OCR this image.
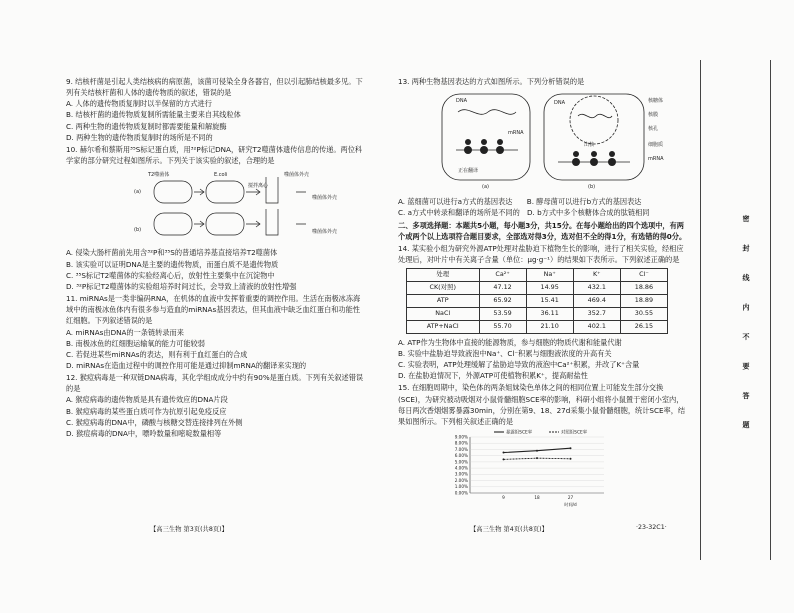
9. 结核杆菌是引起人类结核病的病原菌，该菌可侵染全身各器官，但以引起肺结核最多见。下列有关结核杆菌和人体的遗传物质的叙述，错误的是

A. 人体的遗传物质复制时以半保留的方式进行

B. 结核杆菌的遗传物质复制所需能量主要来自其线粒体

C. 两种生物的遗传物质复制时都需要能量和解旋酶

D. 两种生物的遗传物质复制时的场所是不同的

10. 赫尔希和蔡斯用³⁵S标记蛋白质，用³²P标记DNA，研究T2噬菌体遗传信息的传递。两位科学家的部分研究过程如图所示。下列关于该实验的叙述，合理的是

T2噬菌体	E.coli
搅拌离心
噬菌体外壳
(a)
(b)
噬菌体外壳
噬菌体外壳

A. 侵染大肠杆菌前先用含³²P和³⁵S的普通培养基直接培养T2噬菌体

B. 该实验可以证明DNA是主要的遗传物质，而蛋白质不是遗传物质

C. ³⁵S标记T2噬菌体的实验经离心后，放射性主要集中在沉淀物中

D. ³²P标记T2噬菌体的实验组培养时间过长，会导致上清液的放射性增强

11. miRNAs是一类非编码RNA，在机体的血液中发挥着重要的调控作用。生活在南极冰冻海域中的南极冰鱼体内有很多参与造血的miRNAs基因表达，但其血液中缺乏血红蛋白和功能性红细胞。下列叙述错误的是

A. miRNAs由DNA的一条链转录而来

B. 南极冰鱼的红细胞运输氧的能力可能较弱

C. 若促进某些miRNAs的表达，则有利于血红蛋白的合成

D. miRNAs在造血过程中的调控作用可能是通过抑制mRNA的翻译来实现的

12. 猴痘病毒是一种双链DNA病毒，其化学组成成分中约有90%是蛋白质。下列有关叙述错误的是

A. 猴痘病毒的遗传物质是具有遗传效应的DNA片段

B. 猴痘病毒的某些蛋白质可作为抗原引起免疫反应

C. 猴痘病毒的DNA中，磷酸与核糖交替连接排列在外侧

D. 猴痘病毒的DNA中，嘌呤数量和嘧啶数量相等

【高三生物 第3页(共8页)】

13. 两种生物基因表达的方式如图所示。下列分析错误的是

DNA
mRNA
核糖体
DNA
核膜
核孔
细胞质
出核
mRNA
(a)	(b)
正在翻译

A. 蓝细菌可以进行a方式的基因表达   B. 酵母菌可以进行b方式的基因表达

C. a方式中转录和翻译的场所是不同的  D. b方式中多个核糖体合成的肽链相同

二、多项选择题：本题共5小题，每小题3分，共15分。在每小题给出的四个选项中，有两个或两个以上选项符合题目要求，全部选对得3分，选对但不全的得1分，有选错的得0分。

14. 某实验小组为研究外源ATP处理对盐胁迫下植物生长的影响，进行了相关实验，经相应处理后，对叶片中有关离子含量（单位：μg·g⁻¹）的结果如下表所示。下列叙述正确的是

处理	Ca²⁺	Na⁺	K⁺	Cl⁻
CK(对照)	47.12	14.95	432.1	18.86
ATP	65.92	15.41	469.4	18.89
NaCl	53.59	36.11	352.7	30.55
ATP+NaCl	55.70	21.10	402.1	26.15

A. ATP作为生物体中直接的能源物质，参与细胞的物质代谢和能量代谢

B. 实验中盐胁迫导致液泡中Na⁺、Cl⁻积累与细胞液浓度的升高有关

C. 实验表明，ATP处理缓解了盐胁迫导致的液泡中Ca²⁺积累，并改了K⁺含量

D. 在盐胁迫情况下，外源ATP可使植物积累K⁺，提高耐盐性

15. 在细胞周期中，染色体的两条姐妹染色单体之间的相同位置上可能发生部分交换(SCE)，为研究被动吸烟对小鼠骨髓细胞SCE率的影响，科研小组将小鼠置于密闭小室内，每日两次香烟烟雾暴露30min，分别在第9、18、27d采集小鼠骨髓细胞，统计SCE率，结果如图所示。下列相关叙述正确的是

0.00%
1.00%
2.00%
3.00%
4.00%
5.00%
6.00%
7.00%
8.00%
9.00%
9	18	27
时间/d
暴露组SCE率	对照组SCE率
【高三生物 第4页(共8页)】	·23-32C1·
密 封 线 内 不 要 答 题
